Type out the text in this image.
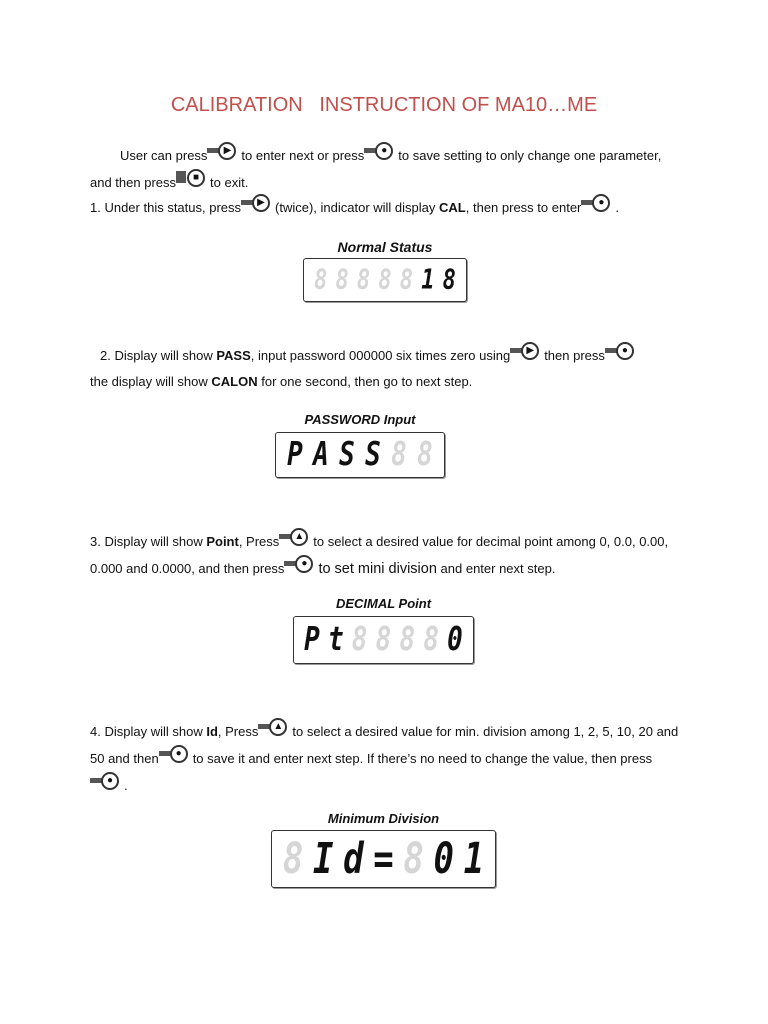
CALIBRATION   INSTRUCTION OF MA10…ME
User can press	▶ to enter next or press	● to save setting to only change one parameter, and then press	■ to exit.
1. Under this status, press	▶ (twice), indicator will display CAL, then press to enter	● .
Normal Status
8 8 8 8 8 1 8
2. Display will show PASS, input password 000000 six times zero using	▶ then press	●

the display will show CALON for one second, then go to next step.
PASSWORD Input
P A S S 8 8
3. Display will show Point, Press	▲ to select a desired value for decimal point among 0, 0.0, 0.00, 0.000 and 0.0000, and then press	● to set mini division and enter next step.
DECIMAL Point
P t 8 8 8 8 0
4. Display will show Id, Press	▲ to select a desired value for min. division among 1, 2, 5, 10, 20 and 50 and then	● to save it and enter next step. If there’s no need to change the value, then press
● .
Minimum Division
8 I d = 8 0 1
